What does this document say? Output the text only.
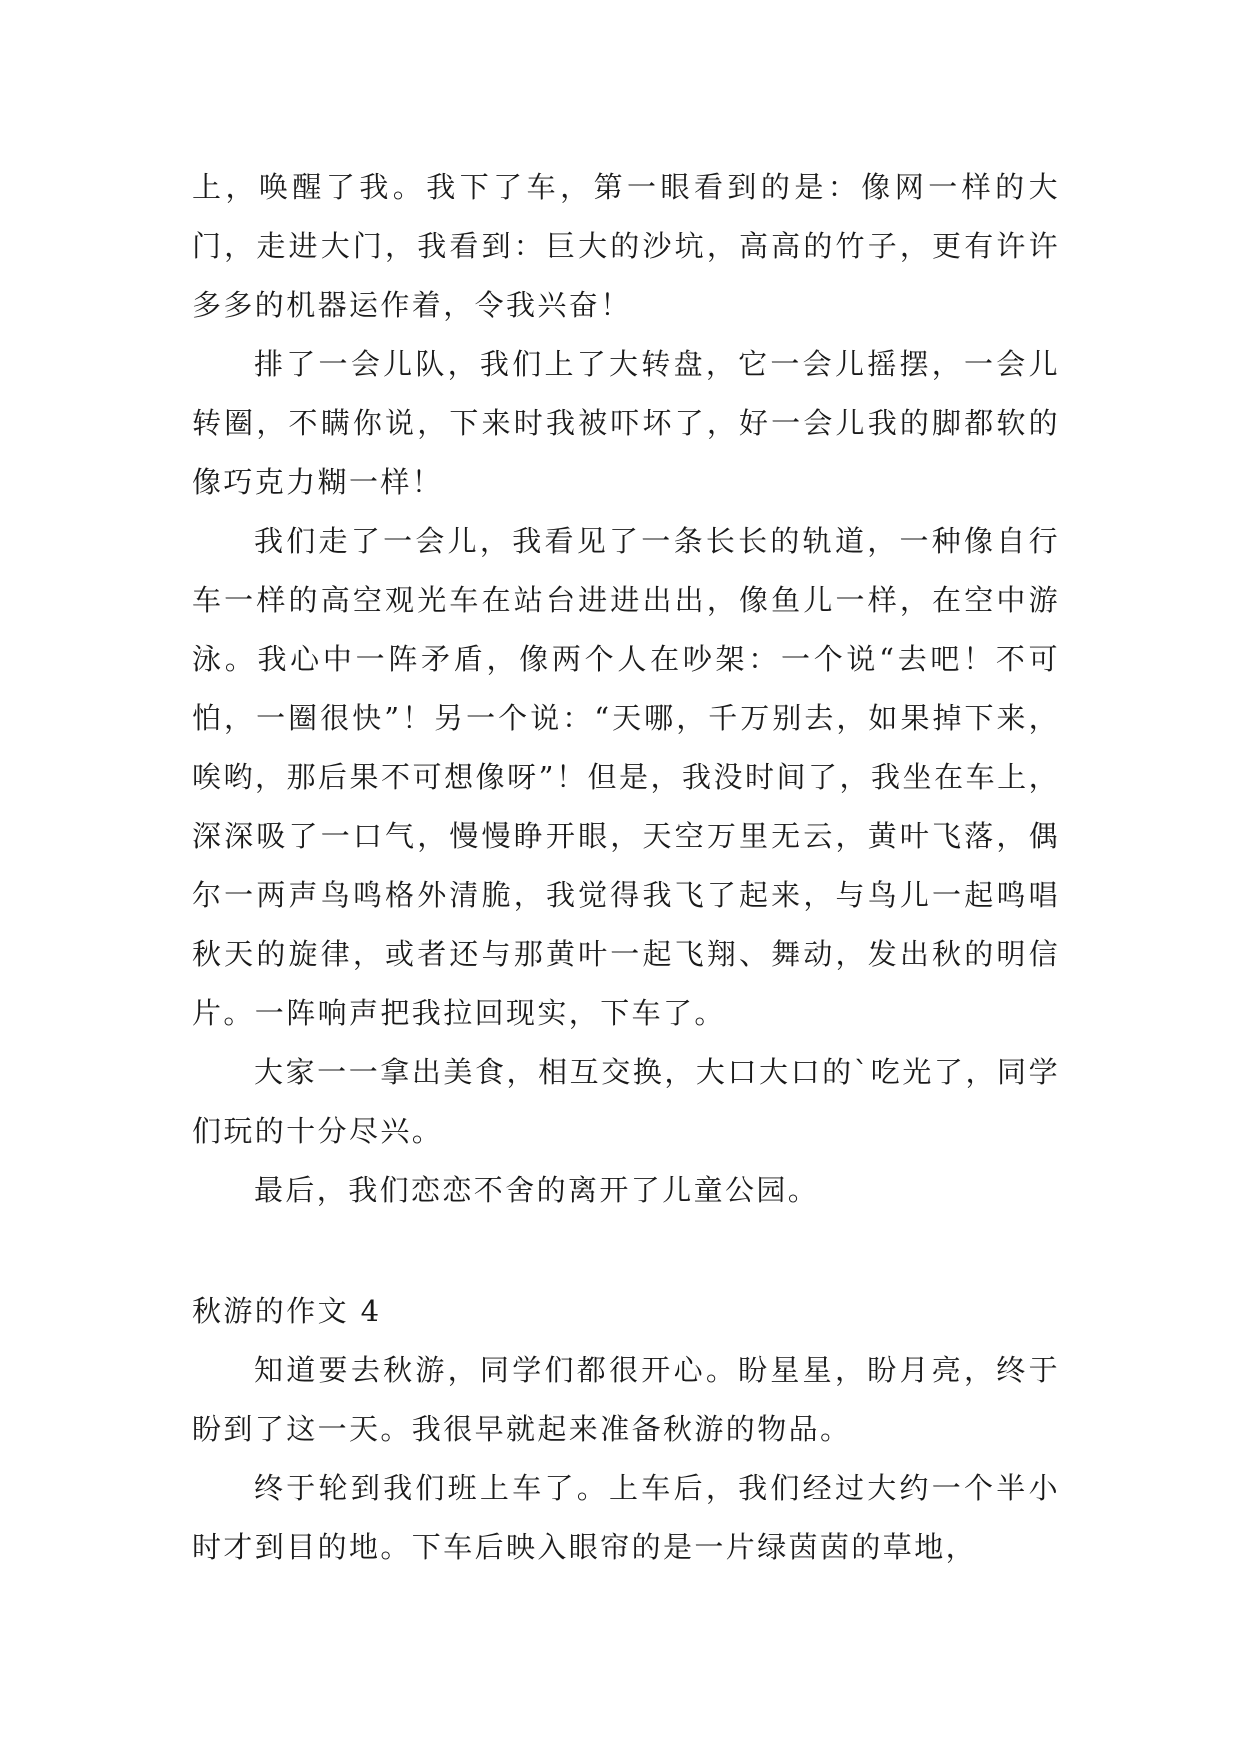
上，唤醒了我。我下了车，第一眼看到的是：像网一样的大门，走进大门，我看到：巨大的沙坑，高高的竹子，更有许许多多的机器运作着，令我兴奋！

排了一会儿队，我们上了大转盘，它一会儿摇摆，一会儿转圈，不瞒你说，下来时我被吓坏了，好一会儿我的脚都软的像巧克力糊一样！

我们走了一会儿，我看见了一条长长的轨道，一种像自行车一样的高空观光车在站台进进出出，像鱼儿一样，在空中游泳。我心中一阵矛盾，像两个人在吵架：一个说“去吧！不可怕，一圈很快”！另一个说：“天哪，千万别去，如果掉下来，唉哟，那后果不可想像呀”！但是，我没时间了，我坐在车上，深深吸了一口气，慢慢睁开眼，天空万里无云，黄叶飞落，偶尔一两声鸟鸣格外清脆，我觉得我飞了起来，与鸟儿一起鸣唱秋天的旋律，或者还与那黄叶一起飞翔、舞动，发出秋的明信片。一阵响声把我拉回现实，下车了。

大家一一拿出美食，相互交换，大口大口的`吃光了，同学们玩的十分尽兴。

最后，我们恋恋不舍的离开了儿童公园。

秋游的作文 4

知道要去秋游，同学们都很开心。盼星星，盼月亮，终于盼到了这一天。我很早就起来准备秋游的物品。

终于轮到我们班上车了。上车后，我们经过大约一个半小时才到目的地。下车后映入眼帘的是一片绿茵茵的草地，
